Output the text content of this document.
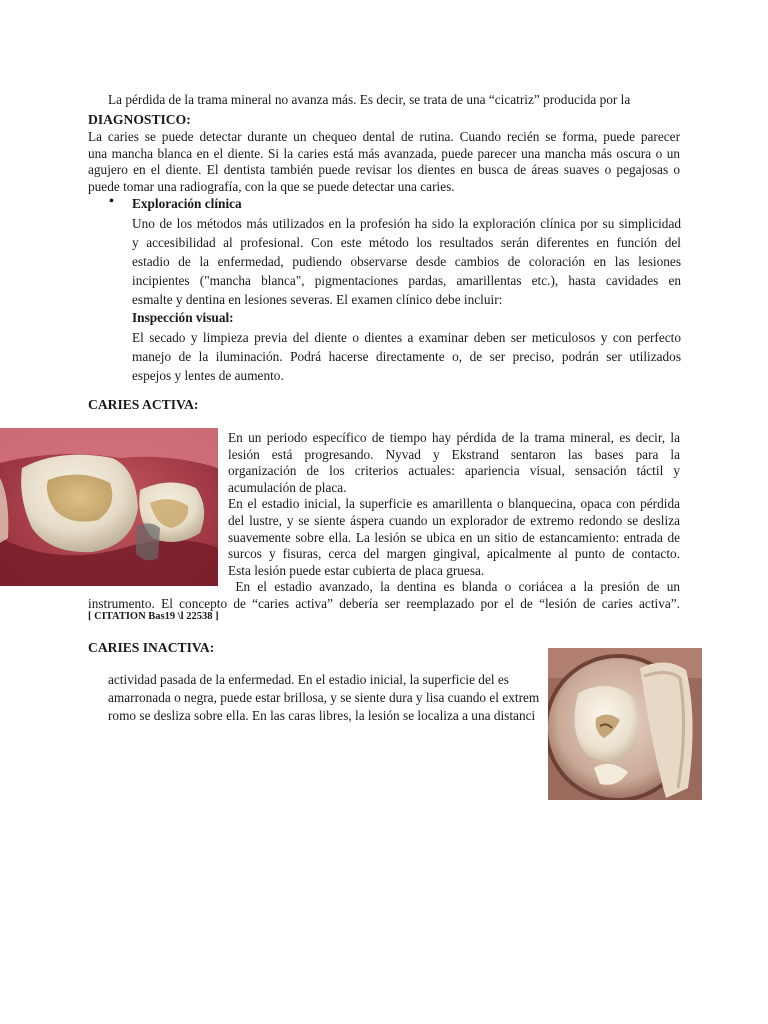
La pérdida de la trama mineral no avanza más. Es decir, se trata de una “cicatriz” producida por la
DIAGNOSTICO:
La caries se puede detectar durante un chequeo dental de rutina. Cuando recién se forma, puede parecer
una mancha blanca en el diente. Si la caries está más avanzada, puede parecer una mancha más oscura o un
agujero en el diente. El dentista también puede revisar los dientes en busca de áreas suaves o pegajosas o
puede tomar una radiografía, con la que se puede detectar una caries.
• Exploración clínica
Uno de los métodos más utilizados en la profesión ha sido la exploración clínica por su simplicidad
y accesibilidad al profesional. Con este método los resultados serán diferentes en función del
estadio de la enfermedad, pudiendo observarse desde cambios de coloración en las lesiones
incipientes ("mancha blanca", pigmentaciones pardas, amarillentas etc.), hasta cavidades en
esmalte y dentina en lesiones severas. El examen clínico debe incluir:
Inspección visual:
El secado y limpieza previa del diente o dientes a examinar deben ser meticulosos y con perfecto
manejo de la iluminación. Podrá hacerse directamente o, de ser preciso, podrán ser utilizados
espejos y lentes de aumento.
CARIES ACTIVA:
En un periodo específico de tiempo hay pérdida de la trama mineral, es decir, la
lesión está progresando. Nyvad y Ekstrand sentaron las bases para la
organización de los criterios actuales: apariencia visual, sensación táctil y
acumulación de placa.
En el estadio inicial, la superficie es amarillenta o blanquecina, opaca con pérdida
del lustre, y se siente áspera cuando un explorador de extremo redondo se desliza
suavemente sobre ella. La lesión se ubica en un sitio de estancamiento: entrada de
surcos y fisuras, cerca del margen gingival, apicalmente al punto de contacto.
Esta lesión puede estar cubierta de placa gruesa.
En el estadio avanzado, la dentina es blanda o coriácea a la presión de un
instrumento. El concepto de “caries activa” debería ser reemplazado por el de “lesión de caries activa”.
[ CITATION Bas19 \l 22538 ]
CARIES INACTIVA:
actividad pasada de la enfermedad. En el estadio inicial, la superficie del es
amarronada o negra, puede estar brillosa, y se siente dura y lisa cuando el extrem
romo se desliza sobre ella. En las caras libres, la lesión se localiza a una distanci
